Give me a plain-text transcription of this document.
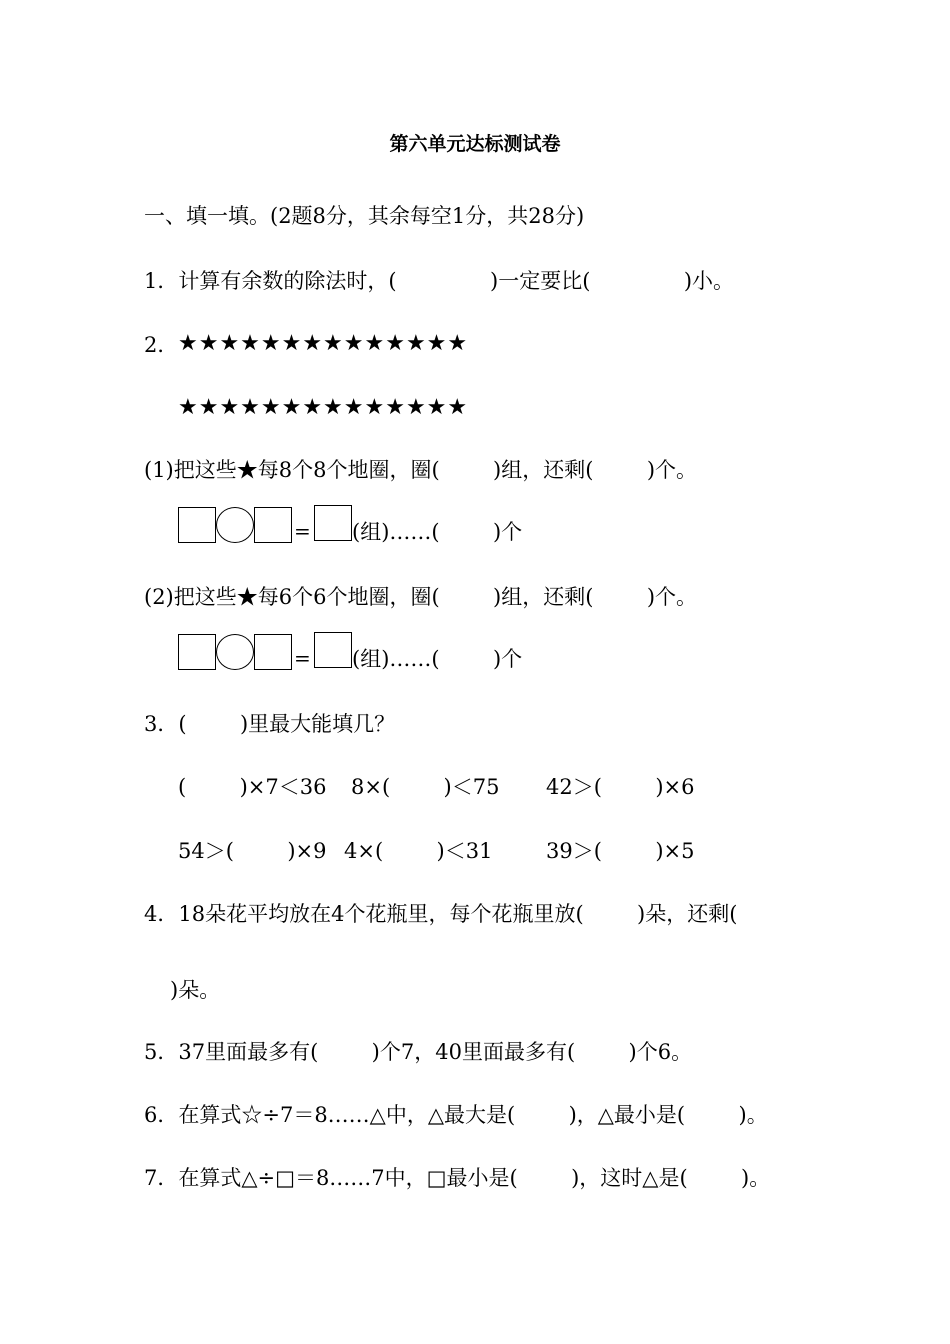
第六单元达标测试卷
一、填一填。(2题8分，其余每空1分，共28分)
1．计算有余数的除法时，(              )一定要比(              )小。
2． ★★★★★★★★★★★★★★
★★★★★★★★★★★★★★
(1)把这些★每8个8个地圈，圈(        )组，还剩(        )个。
= (组)……(        )个
(2)把这些★每6个6个地圈，圈(        )组，还剩(        )个。
= (组)……(        )个
3．(        )里最大能填几？
(        )×7＜36 8×(        )＜75 42＞(        )×6
54＞(        )×9 4×(        )＜31	39＞(        )×5
4．18朵花平均放在4个花瓶里，每个花瓶里放(        )朵，还剩(
)朵。
5．37里面最多有(        )个7，40里面最多有(        )个6。
6．在算式☆÷7＝8……△中，△最大是(        )，△最小是(        )。
7．在算式△÷□＝8……7中，□最小是(        )，这时△是(        )。
